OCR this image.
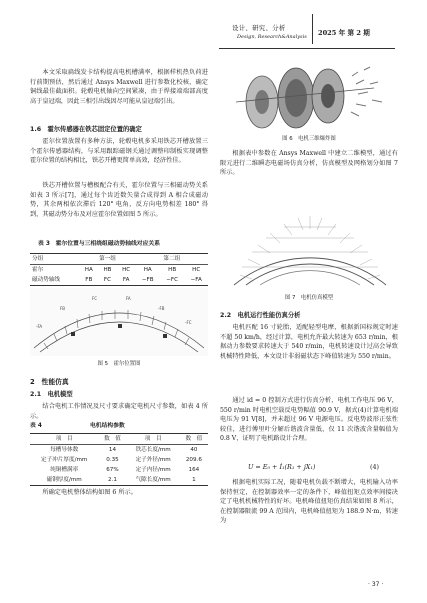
设计、研究、分析
Design, Research&Analysis 2025 年 第 2 期

本文采取扁线发卡结构提高电机槽满率，根据样机热负荷进行前期预估，然后通过 Ansys Maxwell 进行参数化校核，确定铜线最佳截面积。轮毂电机轴向空间紧凑，由于焊接端端部高度高于皇冠端，因此三相引出线因尽可能从皇冠端引出。

1.6　霍尔传感器在铁芯固定位置的确定

霍尔位置放置有多种方法，轮毂电机多采用铁芯开槽放置三个霍尔传感器结构，与采用跟踪磁钢关通过调整印制板实现调整霍尔位置的结构相比，铁芯开槽更简单高效，经济性佳。

铁芯开槽位置与槽极配合有关，霍尔位置与三相磁动势关系如表 3 所示[7]，通过每个齿近数矢量合成得到 A 相合成磁动势，其余两相依次滞后 120° 电角，反方向电势相差 180° 得到，其磁动势分布及对应霍尔位置如图 5 所示。

表 3　霍尔位置与三相绕组磁动势轴线对应关系
分组	第一组			第二组		
霍尔	HA	HB	HC	HA	HB	HC
磁动势轴线	FB	FC	FA	−FB	−FC	−FA
FB
FC	FA
-FB
-FC
-FA
图 5　霍尔位置图
2　性能仿真
2.1　电机模型

结合电机工作情况及尺寸要求确定电机尺寸参数，如表 4 所示。

表 4	电机结构参数
项　目	数　值	项　目	数　值
每槽导体数	14	铁芯长度/mm	40
定子冲片厚度/mm	0.35	定子外径/mm	209.6
纯铜槽满率	67%	定子内径/mm	164
磁钢厚度/mm	2.1	气隙长度/mm	1

所确定电机整体结构如图 6 所示。

图 6　电机三维爆炸图

根据表中参数在 Ansys Maxwell 中建立二维模型，通过有限元进行二维瞬态电磁场仿真分析，仿真模型及网格划分如图 7 所示。

图 7　电机仿真模型
2.2　电机运行性能仿真分析

电机匹配 16 寸轮胎，适配轻型电摩，根据新国标规定时速不超 50 km/h，经过计算，电机允许最大转速为 653 r/min，根据动力参数要求转速大于 540 r/min，电机转速设计过高会导致机械特性降低，本文设计非弱磁状态下峰值转速为 550 r/min。

通过 id = 0 控制方式进行仿真分析，电机工作电压 96 V，550 r/min 时电机空载反电势幅值 90.9 V，据式(4)计算电机端电压为 91 V[8]，并未超过 96 V 电源电压。反电势波形正弦性较佳，进行傅里叶分解后谐波含量低，仅 11 次谐波含量幅值为 0.8 V，证明了电机路设计合理。

U = E₀ + İ₁(R₁ + jX₁)	(4)

根据电机实际工况，随着电机负载不断增大，电机输入功率保持恒定，在控制器效率一定的条件下，峰值扭矩点效率间接决定了电机机械特性的好坏。电机峰值扭矩仿真结果如图 8 所示，在控制器限流 99 A 范围内，电机峰值扭矩为 188.9 N·m，转速为

· 37 ·
